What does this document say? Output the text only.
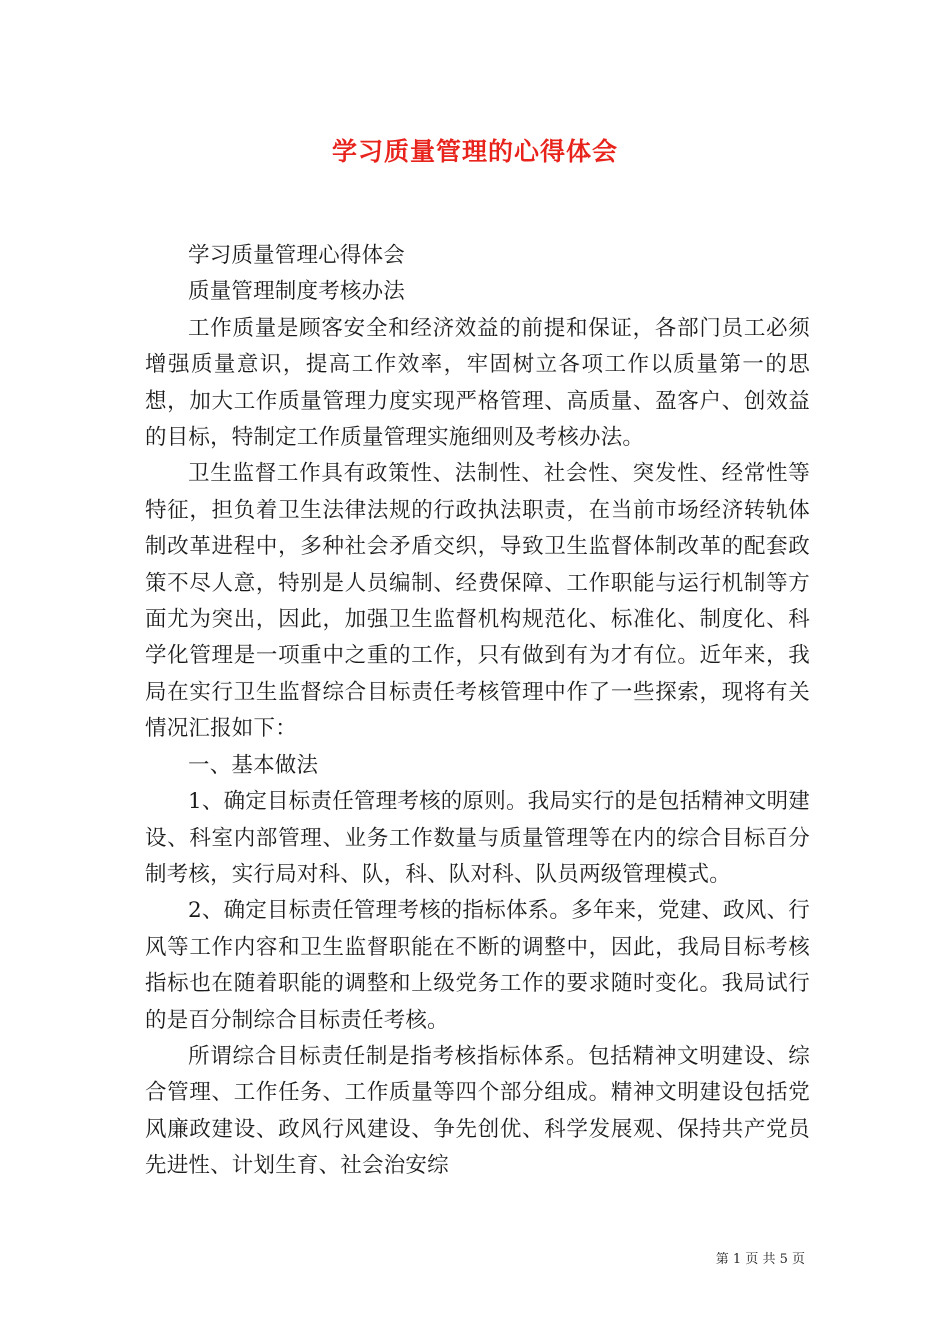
学习质量管理的心得体会

学习质量管理心得体会

质量管理制度考核办法

工作质量是顾客安全和经济效益的前提和保证，各部门员工必须增强质量意识，提高工作效率，牢固树立各项工作以质量第一的思想，加大工作质量管理力度实现严格管理、高质量、盈客户、创效益的目标，特制定工作质量管理实施细则及考核办法。

卫生监督工作具有政策性、法制性、社会性、突发性、经常性等特征，担负着卫生法律法规的行政执法职责，在当前市场经济转轨体制改革进程中，多种社会矛盾交织，导致卫生监督体制改革的配套政策不尽人意，特别是人员编制、经费保障、工作职能与运行机制等方面尤为突出，因此，加强卫生监督机构规范化、标准化、制度化、科学化管理是一项重中之重的工作，只有做到有为才有位。近年来，我局在实行卫生监督综合目标责任考核管理中作了一些探索，现将有关情况汇报如下：

一、基本做法

1、确定目标责任管理考核的原则。我局实行的是包括精神文明建设、科室内部管理、业务工作数量与质量管理等在内的综合目标百分制考核，实行局对科、队，科、队对科、队员两级管理模式。

2、确定目标责任管理考核的指标体系。多年来，党建、政风、行风等工作内容和卫生监督职能在不断的调整中，因此，我局目标考核指标也在随着职能的调整和上级党务工作的要求随时变化。我局试行的是百分制综合目标责任考核。

所谓综合目标责任制是指考核指标体系。包括精神文明建设、综合管理、工作任务、工作质量等四个部分组成。精神文明建设包括党风廉政建设、政风行风建设、争先创优、科学发展观、保持共产党员先进性、计划生育、社会治安综

第 1 页 共 5 页
